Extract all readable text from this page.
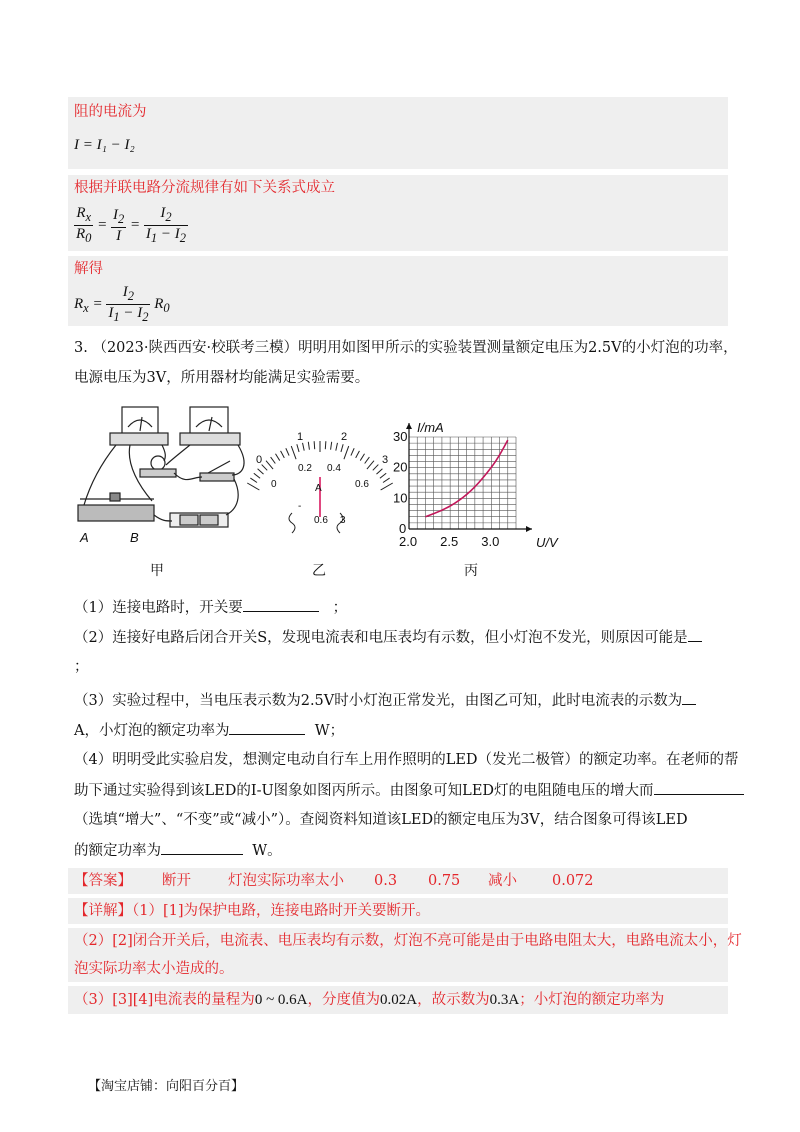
阻的电流为
I = I₁ − I₂
根据并联电路分流规律有如下关系式成立
$\frac{R_x}{R_0} = \frac{I_2}{I} = \frac{I_2}{I_1 - I_2}$
解得
$R_x = \frac{I_2}{I_1 - I_2} R_0$
3. （2023·陕西西安·校联考三模）明明用如图甲所示的实验装置测量额定电压为2.5V的小灯泡的功率，
电源电压为3V，所用器材均能满足实验需要。
A	B
0
1	2
3
0
0.2 0.4
0.6
A
-
0.6 3
2.0 2.5 3.0
0
10
20
30
I/mA
U/V
甲	乙	丙
（1）连接电路时，开关要	；
（2）连接好电路后闭合开关S，发现电流表和电压表均有示数，但小灯泡不发光，则原因可能是
；
（3）实验过程中，当电压表示数为2.5V时小灯泡正常发光，由图乙可知，此时电流表的示数为
A，小灯泡的额定功率为	W；
（4）明明受此实验启发，想测定电动自行车上用作照明的LED（发光二极管）的额定功率。在老师的帮
助下通过实验得到该LED的I-U图象如图丙所示。由图象可知LED灯的电阻随电压的增大而
（选填“增大”、“不变”或“减小”）。查阅资料知道该LED的额定电压为3V，结合图象可得该LED
的额定功率为	W。
【答案】 断开	灯泡实际功率太小 0.3 0.75 减小 0.072
【详解】（1）[1]为保护电路，连接电路时开关要断开。
（2）[2]闭合开关后，电流表、电压表均有示数，灯泡不亮可能是由于电路电阻太大，电路电流太小，灯
泡实际功率太小造成的。
（3）[3][4]电流表的量程为0 ~ 0.6A，分度值为0.02A，故示数为0.3A；小灯泡的额定功率为
【淘宝店铺：向阳百分百】
